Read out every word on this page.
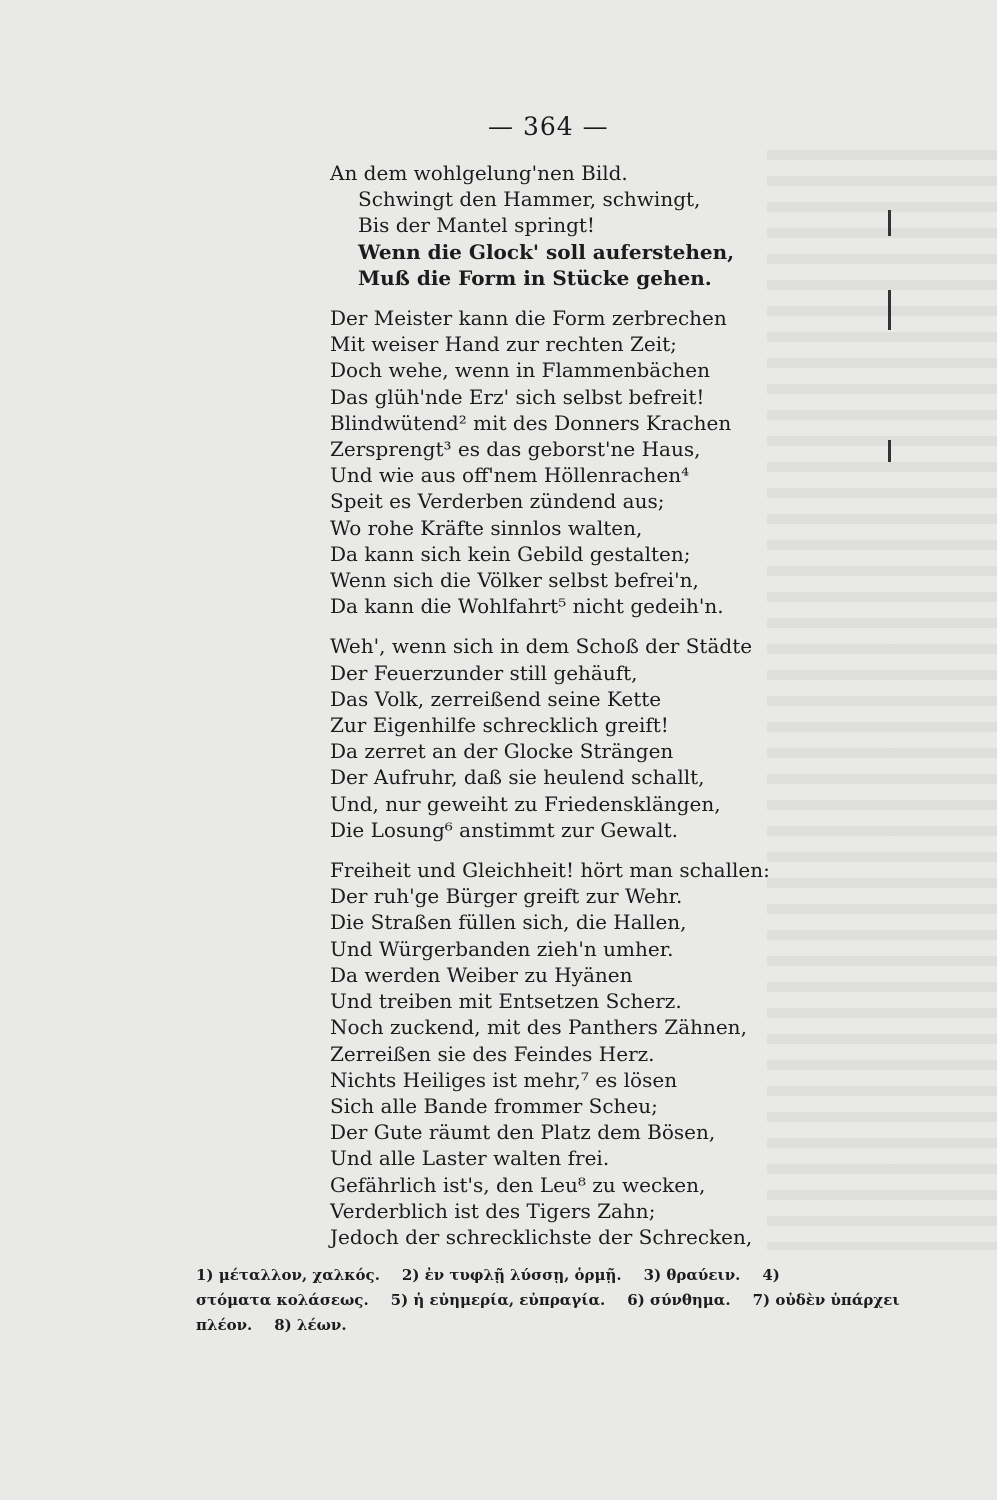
— 364 —
An dem wohlgelung'nen Bild.
Schwingt den Hammer, schwingt,
Bis der Mantel springt!
Wenn die Glock' soll auferstehen,
Muß die Form in Stücke gehen.
Der Meister kann die Form zerbrechen
Mit weiser Hand zur rechten Zeit;
Doch wehe, wenn in Flammenbächen
Das glüh'nde Erz' sich selbst befreit!
Blindwütend² mit des Donners Krachen
Zersprengt³ es das geborst'ne Haus,
Und wie aus off'nem Höllenrachen⁴
Speit es Verderben zündend aus;
Wo rohe Kräfte sinnlos walten,
Da kann sich kein Gebild gestalten;
Wenn sich die Völker selbst befrei'n,
Da kann die Wohlfahrt⁵ nicht gedeih'n.
Weh', wenn sich in dem Schoß der Städte
Der Feuerzunder still gehäuft,
Das Volk, zerreißend seine Kette
Zur Eigenhilfe schrecklich greift!
Da zerret an der Glocke Strängen
Der Aufruhr, daß sie heulend schallt,
Und, nur geweiht zu Friedensklängen,
Die Losung⁶ anstimmt zur Gewalt.
Freiheit und Gleichheit! hört man schallen:
Der ruh'ge Bürger greift zur Wehr.
Die Straßen füllen sich, die Hallen,
Und Würgerbanden zieh'n umher.
Da werden Weiber zu Hyänen
Und treiben mit Entsetzen Scherz.
Noch zuckend, mit des Panthers Zähnen,
Zerreißen sie des Feindes Herz.
Nichts Heiliges ist mehr,⁷ es lösen
Sich alle Bande frommer Scheu;
Der Gute räumt den Platz dem Bösen,
Und alle Laster walten frei.
Gefährlich ist's, den Leu⁸ zu wecken,
Verderblich ist des Tigers Zahn;
Jedoch der schrecklichste der Schrecken,
1) μέταλλον, χαλκός. 2) ἐν τυφλῇ λύσσῃ, ὁρμῇ. 3) θραύειν. 4)
στόματα κολάσεως. 5) ἡ εὐημερία, εὐπραγία. 6) σύνθημα. 7) οὐδὲν ὑπάρχει
πλέον. 8) λέων.
